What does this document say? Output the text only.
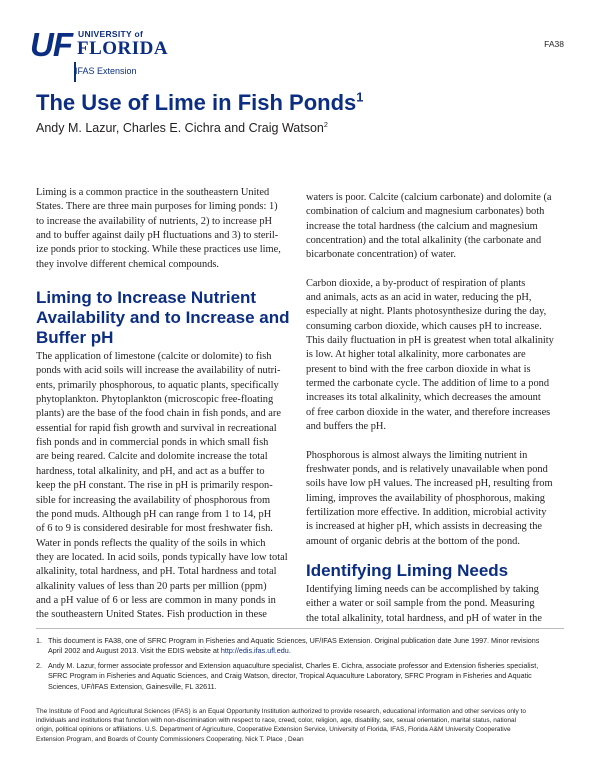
UF UNIVERSITY of
FLORIDA
IFAS Extension
FA38
The Use of Lime in Fish Ponds$^1$
Andy M. Lazur, Charles E. Cichra and Craig Watson$^2$

Liming is a common practice in the southeastern United

States. There are three main purposes for liming ponds: 1)

to increase the availability of nutrients, 2) to increase pH

and to buffer against daily pH fluctuations and 3) to steril-

ize ponds prior to stocking. While these practices use lime,

they involve different chemical compounds.

Liming to Increase Nutrient
Availability and to Increase and
Buffer pH

The application of limestone (calcite or dolomite) to fish

ponds with acid soils will increase the availability of nutri-

ents, primarily phosphorous, to aquatic plants, specifically

phytoplankton. Phytoplankton (microscopic free-floating

plants) are the base of the food chain in fish ponds, and are

essential for rapid fish growth and survival in recreational

fish ponds and in commercial ponds in which small fish

are being reared. Calcite and dolomite increase the total

hardness, total alkalinity, and pH, and act as a buffer to

keep the pH constant. The rise in pH is primarily respon-

sible for increasing the availability of phosphorous from

the pond muds. Although pH can range from 1 to 14, pH

of 6 to 9 is considered desirable for most freshwater fish.

Water in ponds reflects the quality of the soils in which

they are located. In acid soils, ponds typically have low total

alkalinity, total hardness, and pH. Total hardness and total

alkalinity values of less than 20 parts per million (ppm)

and a pH value of 6 or less are common in many ponds in

the southeastern United States. Fish production in these

waters is poor. Calcite (calcium carbonate) and dolomite (a

combination of calcium and magnesium carbonates) both

increase the total hardness (the calcium and magnesium

concentration) and the total alkalinity (the carbonate and

bicarbonate concentration) of water.

Carbon dioxide, a by-product of respiration of plants

and animals, acts as an acid in water, reducing the pH,

especially at night. Plants photosynthesize during the day,

consuming carbon dioxide, which causes pH to increase.

This daily fluctuation in pH is greatest when total alkalinity

is low. At higher total alkalinity, more carbonates are

present to bind with the free carbon dioxide in what is

termed the carbonate cycle. The addition of lime to a pond

increases its total alkalinity, which decreases the amount

of free carbon dioxide in the water, and therefore increases

and buffers the pH.

Phosphorous is almost always the limiting nutrient in

freshwater ponds, and is relatively unavailable when pond

soils have low pH values. The increased pH, resulting from

liming, improves the availability of phosphorous, making

fertilization more effective. In addition, microbial activity

is increased at higher pH, which assists in decreasing the

amount of organic debris at the bottom of the pond.

Identifying Liming Needs

Identifying liming needs can be accomplished by taking

either a water or soil sample from the pond. Measuring

the total alkalinity, total hardness, and pH of water in the

1. This document is FA38, one of SFRC Program in Fisheries and Aquatic Sciences, UF/IFAS Extension. Original publication date June 1997. Minor revisions
April 2002 and August 2013. Visit the EDIS website at http://edis.ifas.ufl.edu.
2. Andy M. Lazur, former associate professor and Extension aquaculture specialist, Charles E. Cichra, associate professor and Extension fisheries specialist,
SFRC Program in Fisheries and Aquatic Sciences, and Craig Watson, director, Tropical Aquaculture Laboratory, SFRC Program in Fisheries and Aquatic
Sciences, UF/IFAS Extension, Gainesville, FL 32611.
The Institute of Food and Agricultural Sciences (IFAS) is an Equal Opportunity Institution authorized to provide research, educational information and other services only to
individuals and institutions that function with non-discrimination with respect to race, creed, color, religion, age, disability, sex, sexual orientation, marital status, national
origin, political opinions or affiliations. U.S. Department of Agriculture, Cooperative Extension Service, University of Florida, IFAS, Florida A&M University Cooperative
Extension Program, and Boards of County Commissioners Cooperating. Nick T. Place , Dean
